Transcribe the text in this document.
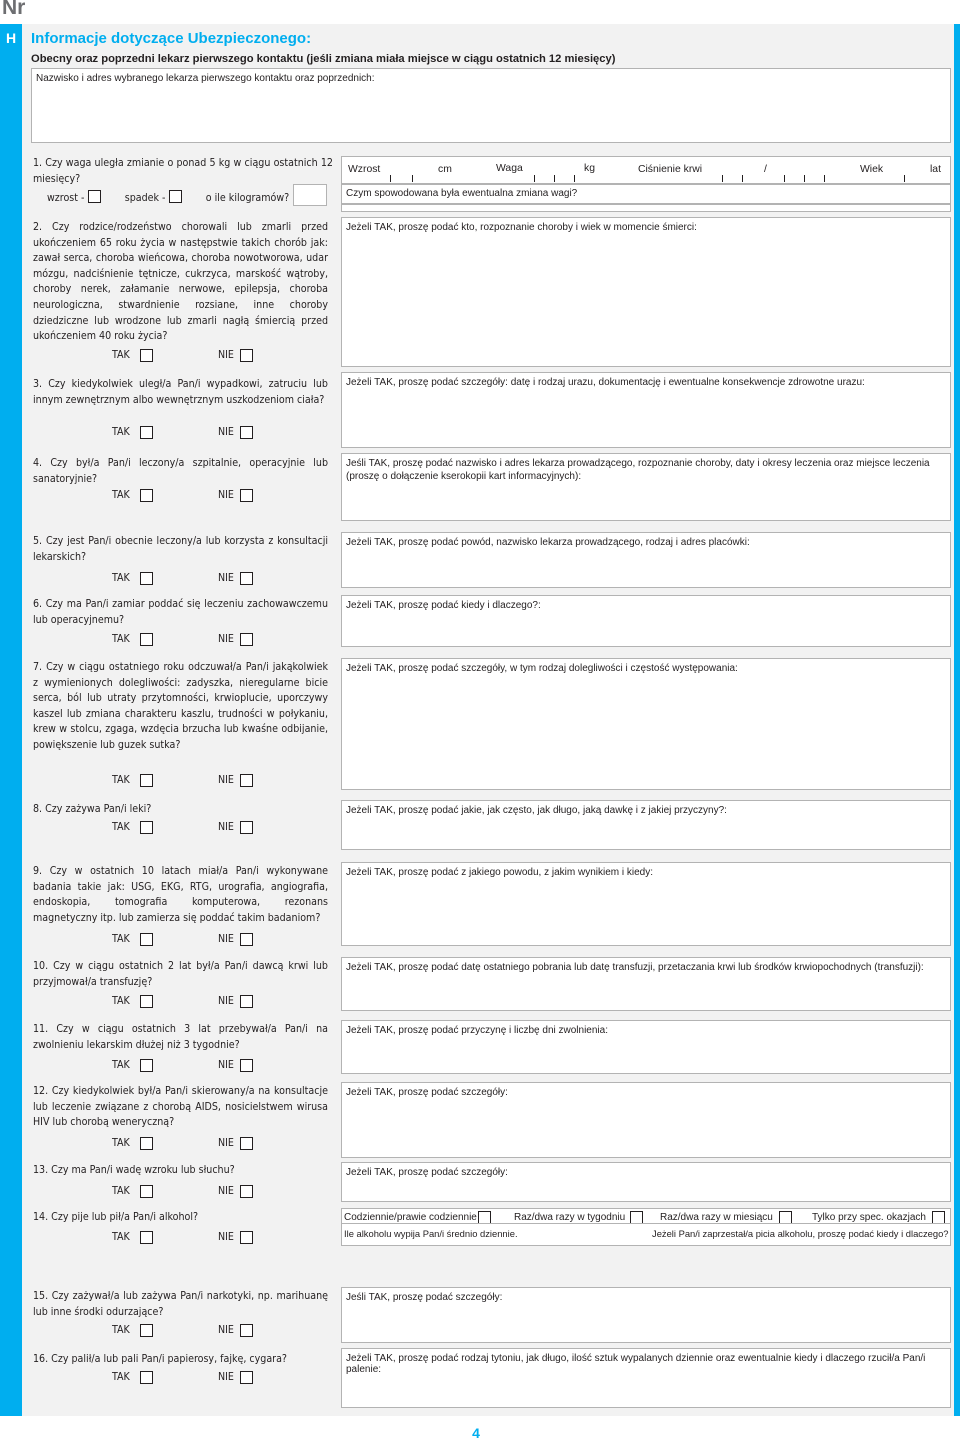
Nr
H Informacje dotyczące Ubezpieczonego:
Obecny oraz poprzedni lekarz pierwszego kontaktu (jeśli zmiana miała miejsce w ciągu ostatnich 12 miesięcy)
Nazwisko i adres wybranego lekarza pierwszego kontaktu oraz poprzednich:
1. Czy waga uległa zmianie o ponad 5 kg w ciągu ostatnich 12 miesięcy?
wzrost -	spadek -	o ile kilogramów?
Wzrost	cm	Waga	kg	Ciśnienie krwi	/	Wiek	lat
Czym spowodowana była ewentualna zmiana wagi?
2. Czy rodzice/rodzeństwo chorowali lub zmarli przed ukończeniem 65 roku życia w następstwie takich chorób jak: zawał serca, choroba wieńcowa, choroba nowotworowa, udar mózgu, nadciśnienie tętnicze, cukrzyca, marskość wątroby, choroby nerek, załamanie nerwowe, epilepsja, choroba neurologiczna, stwardnienie rozsiane, inne choroby dziedziczne lub wrodzone lub zmarli nagłą śmiercią przed ukończeniem 40 roku życia?
TAK	NIE
Jeżeli TAK, proszę podać kto, rozpoznanie choroby i wiek w momencie śmierci:
3. Czy kiedykolwiek uległ/a Pan/i wypadkowi, zatruciu lub innym zewnętrznym albo wewnętrznym uszkodzeniom ciała?
TAK	NIE
Jeżeli TAK, proszę podać szczegóły: datę i rodzaj urazu, dokumentację i ewentualne konsekwencje zdrowotne urazu:
4. Czy był/a Pan/i leczony/a szpitalnie, operacyjnie lub sanatoryjnie?
TAK	NIE
Jeśli TAK, proszę podać nazwisko i adres lekarza prowadzącego, rozpoznanie choroby, daty i okresy leczenia oraz miejsce leczenia
(proszę o dołączenie kserokopii kart informacyjnych):
5. Czy jest Pan/i obecnie leczony/a lub korzysta z konsultacji lekarskich?
TAK	NIE
Jeżeli TAK, proszę podać powód, nazwisko lekarza prowadzącego, rodzaj i adres placówki:
6. Czy ma Pan/i zamiar poddać się leczeniu zachowawczemu lub operacyjnemu?
TAK	NIE
Jeżeli TAK, proszę podać kiedy i dlaczego?:
7. Czy w ciągu ostatniego roku odczuwał/a Pan/i jakąkolwiek z wymienionych dolegliwości: zadyszka, nieregularne bicie serca, ból lub utraty przytomności, krwioplucie, uporczywy kaszel lub zmiana charakteru kaszlu, trudności w połykaniu, krew w stolcu, zgaga, wzdęcia brzucha lub kwaśne odbijanie, powiększenie lub guzek sutka?
TAK	NIE
Jeżeli TAK, proszę podać szczegóły, w tym rodzaj dolegliwości i częstość występowania:
8. Czy zażywa Pan/i leki?
TAK	NIE
Jeżeli TAK, proszę podać jakie, jak często, jak długo, jaką dawkę i z jakiej przyczyny?:
9. Czy w ostatnich 10 latach miał/a Pan/i wykonywane badania takie jak: USG, EKG, RTG, urografia, angiografia, endoskopia, tomografia komputerowa, rezonans magnetyczny itp. lub zamierza się poddać takim badaniom?
TAK	NIE
Jeżeli TAK, proszę podać z jakiego powodu, z jakim wynikiem i kiedy:
10. Czy w ciągu ostatnich 2 lat był/a Pan/i dawcą krwi lub przyjmował/a transfuzję?
TAK	NIE
Jeżeli TAK, proszę podać datę ostatniego pobrania lub datę transfuzji, przetaczania krwi lub środków krwiopochodnych (transfuzji):
11. Czy w ciągu ostatnich 3 lat przebywał/a Pan/i na zwolnieniu lekarskim dłużej niż 3 tygodnie?
TAK	NIE
Jeżeli TAK, proszę podać przyczynę i liczbę dni zwolnienia:
12. Czy kiedykolwiek był/a Pan/i skierowany/a na konsultacje lub leczenie związane z chorobą AIDS, nosicielstwem wirusa HIV lub chorobą weneryczną?
TAK	NIE
Jeżeli TAK, proszę podać szczegóły:
13. Czy ma Pan/i wadę wzroku lub słuchu?
TAK	NIE
Jeżeli TAK, proszę podać szczegóły:
14. Czy pije lub pił/a Pan/i alkohol?
TAK	NIE
15. Czy zażywał/a lub zażywa Pan/i narkotyki, np. marihuanę lub inne środki odurzające?
TAK	NIE
Jeśli TAK, proszę podać szczegóły:
16. Czy palił/a lub pali Pan/i papierosy, fajkę, cygara?
TAK	NIE
Jeżeli TAK, proszę podać rodzaj tytoniu, jak długo, ilość sztuk wypalanych dziennie oraz ewentualnie kiedy i dlaczego rzucił/a Pan/i palenie:
Codziennie/prawie codziennie	Raz/dwa razy w tygodniu	Raz/dwa razy w miesiącu	Tylko przy spec. okazjach
Ile alkoholu wypija Pan/i średnio dziennie.	Jeżeli Pan/i zaprzestał/a picia alkoholu, proszę podać kiedy i dlaczego?
4
